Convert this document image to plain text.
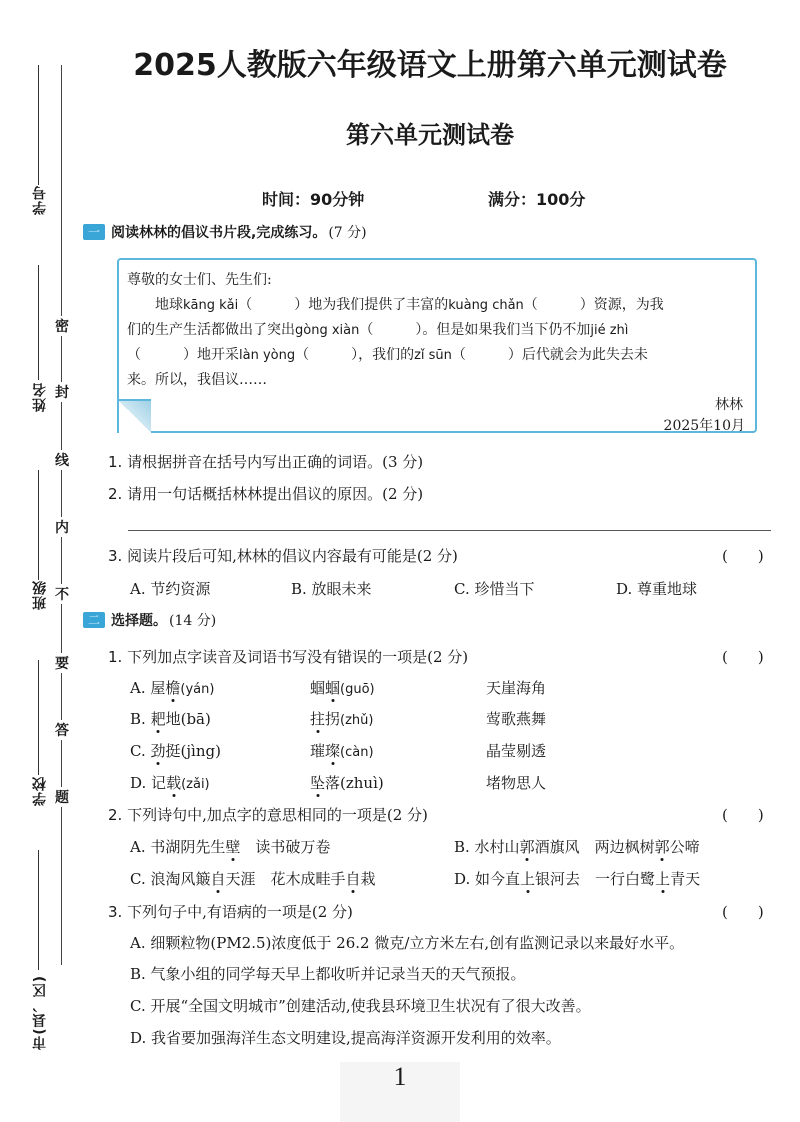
学号
姓名
班级
学校
市(县、区)
密
封
线
内
不
要
答
题
2025人教版六年级语文上册第六单元测试卷
第六单元测试卷
时间：90分钟	满分：100分
一 阅读林林的倡议书片段,完成练习。 (7 分)
尊敬的女士们、先生们:
地球kāng kǎi（　　　）地为我们提供了丰富的kuàng chǎn（　　　）资源，为我
们的生产生活都做出了突出gòng xiàn（　　　）。但是如果我们当下仍不加jié zhì
（　　　）地开采làn yòng（　　　），我们的zǐ sūn（　　　）后代就会为此失去未
来。所以，我倡议……
林林
2025年10月
1. 请根据拼音在括号内写出正确的词语。(3 分)
2. 请用一句话概括林林提出倡议的原因。(2 分)
3. 阅读片段后可知,林林的倡议内容最有可能是(2 分)	(　　)
A. 节约资源	B. 放眼未来	C. 珍惜当下	D. 尊重地球
二 选择题。 (14 分)
1. 下列加点字读音及词语书写没有错误的一项是(2 分)	(　　)
A. 屋檐(yán)	蝈蝈(guō)	天崖海角
B. 耙地(bā)	拄拐(zhǔ)	莺歌燕舞
C. 劲挺(jìng)	璀璨(càn)	晶莹剔透
D. 记载(zǎi)	坠落(zhuì)	堵物思人
2. 下列诗句中,加点字的意思相同的一项是(2 分)	(　　)
A. 书湖阴先生壁　读书破万卷	B. 水村山郭酒旗风　两边枫树郭公啼
C. 浪淘风簸自天涯　花木成畦手自栽	D. 如今直上银河去　一行白鹭上青天
3. 下列句子中,有语病的一项是(2 分)	(　　)
A. 细颗粒物(PM2.5)浓度低于 26.2 微克/立方米左右,创有监测记录以来最好水平。
B. 气象小组的同学每天早上都收听并记录当天的天气预报。
C. 开展“全国文明城市”创建活动,使我县环境卫生状况有了很大改善。
D. 我省要加强海洋生态文明建设,提高海洋资源开发利用的效率。
1
